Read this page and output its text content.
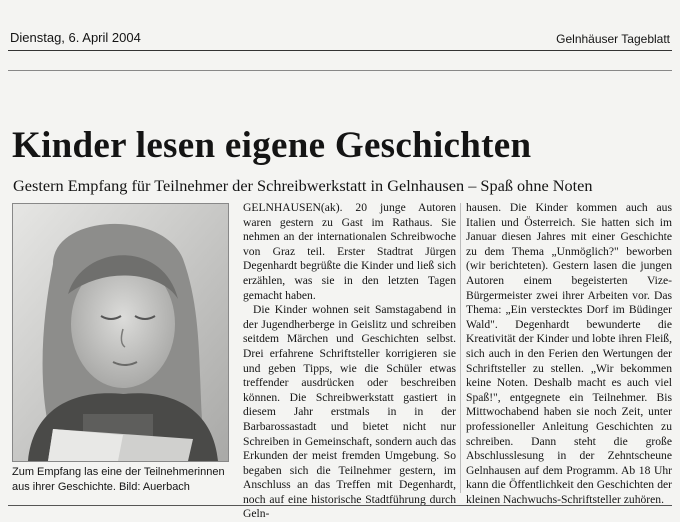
Dienstag, 6. April 2004	Gelnhäuser Tageblatt
Kinder lesen eigene Geschichten
Gestern Empfang für Teilnehmer der Schreibwerkstatt in Gelnhausen – Spaß ohne Noten
Zum Empfang las eine der Teilnehmerinnen aus ihrer Geschichte. Bild: Auerbach

GELNHAUSEN(ak). 20 junge Autoren waren gestern zu Gast im Rathaus. Sie nehmen an der internationalen Schreibwoche von Graz teil. Erster Stadtrat Jürgen Degenhardt begrüßte die Kinder und ließ sich erzählen, was sie in den letzten Tagen gemacht haben.

Die Kinder wohnen seit Samstagabend in der Jugendherberge in Geislitz und schreiben seitdem Märchen und Geschichten selbst. Drei erfahrene Schriftsteller korrigieren sie und geben Tipps, wie die Schüler etwas treffender ausdrücken oder beschreiben können. Die Schreibwerkstatt gastiert in diesem Jahr erstmals in in der Barbarossastadt und bietet nicht nur Schreiben in Gemeinschaft, sondern auch das Erkunden der meist fremden Umgebung. So begaben sich die Teilnehmer gestern, im Anschluss an das Treffen mit Degenhardt, noch auf eine historische Stadtführung durch Geln-

hausen. Die Kinder kommen auch aus Italien und Österreich. Sie hatten sich im Januar diesen Jahres mit einer Geschichte zu dem Thema „Unmöglich?" beworben (wir berichteten). Gestern lasen die jungen Autoren einem begeisterten Vize-Bürgermeister zwei ihrer Arbeiten vor. Das Thema: „Ein verstecktes Dorf im Büdinger Wald". Degenhardt bewunderte die Kreativität der Kinder und lobte ihren Fleiß, sich auch in den Ferien den Wertungen der Schriftsteller zu stellen. „Wir bekommen keine Noten. Deshalb macht es auch viel Spaß!", entgegnete ein Teilnehmer. Bis Mittwochabend haben sie noch Zeit, unter professioneller Anleitung Geschichten zu schreiben. Dann steht die große Abschlusslesung in der Zehntscheune Gelnhausen auf dem Programm. Ab 18 Uhr kann die Öffentlichkeit den Geschichten der kleinen Nachwuchs-Schriftsteller zuhören.
